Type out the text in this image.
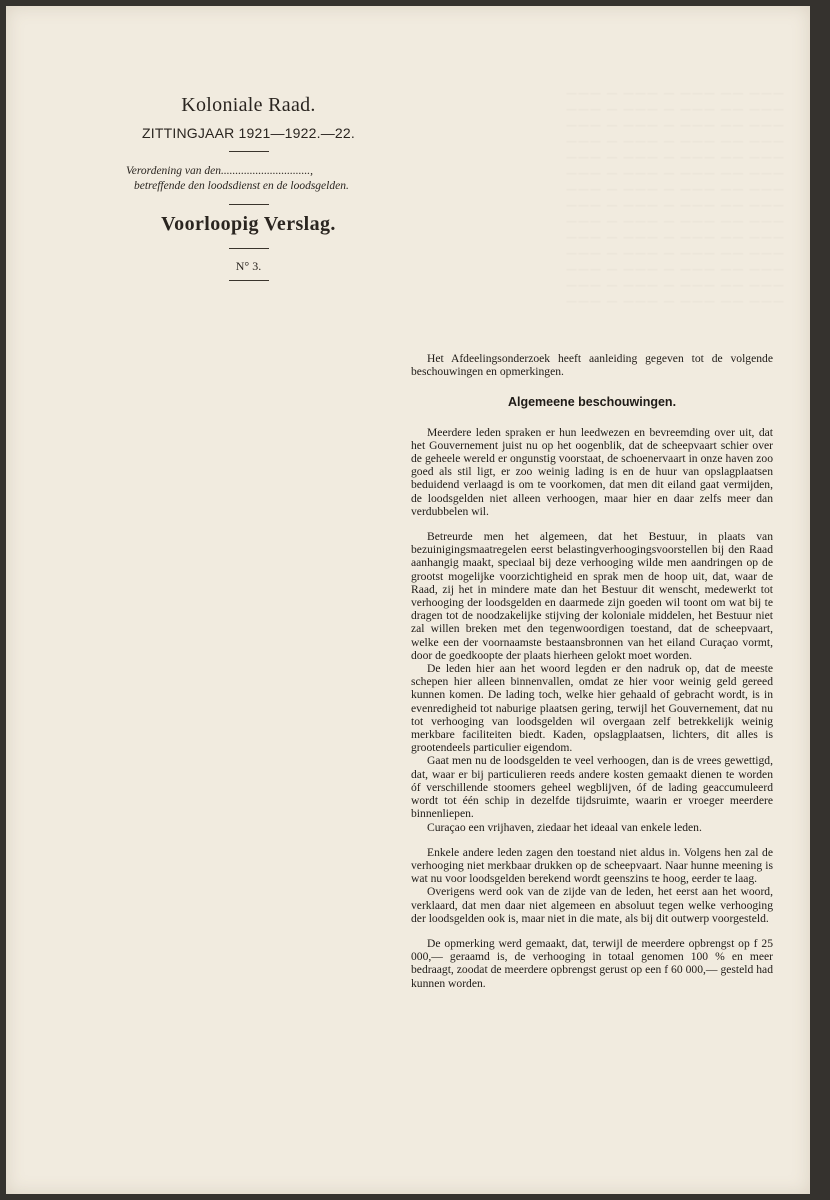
——— — ——— — ——— —— ———
——— — ——— — ——— —— ———
——— — ——— — ——— —— ———
——— — ——— — ——— —— ———
——— — ——— — ——— —— ———
——— — ——— — ——— —— ———
——— — ——— — ——— —— ———
——— — ——— — ——— —— ———
——— — ——— — ——— —— ———
——— — ——— — ——— —— ———
——— — ——— — ——— —— ———
——— — ——— — ——— —— ———
——— — ——— — ——— —— ———
——— — ——— — ——— —— ———
Koloniale Raad.
ZITTINGJAAR 1921—1922.—22.
Verordening van den...............................,
betreffende den loodsdienst en de loodsgelden.
Voorloopig Verslag.
N° 3.

Het Afdeelingsonderzoek heeft aanleiding gegeven tot de volgende beschouwingen en opmerkingen.

Algemeene beschouwingen.

Meerdere leden spraken er hun leedwezen en bevreemding over uit, dat het Gouvernement juist nu op het oogenblik, dat de scheepvaart schier over de geheele wereld er ongunstig voorstaat, de schoenervaart in onze haven zoo goed als stil ligt, er zoo weinig lading is en de huur van opslagplaatsen beduidend verlaagd is om te voorkomen, dat men dit eiland gaat vermijden, de loodsgelden niet alleen verhoogen, maar hier en daar zelfs meer dan verdubbelen wil.

Betreurde men het algemeen, dat het Bestuur, in plaats van bezuinigingsmaatregelen eerst belastingverhoogingsvoorstellen bij den Raad aanhangig maakt, speciaal bij deze verhooging wilde men aandringen op de grootst mogelijke voorzichtigheid en sprak men de hoop uit, dat, waar de Raad, zij het in mindere mate dan het Bestuur dit wenscht, medewerkt tot verhooging der loodsgelden en daarmede zijn goeden wil toont om wat bij te dragen tot de noodzakelijke stijving der koloniale middelen, het Bestuur niet zal willen breken met den tegenwoordigen toestand, dat de scheepvaart, welke een der voornaamste bestaansbronnen van het eiland Curaçao vormt, door de goedkoopte der plaats hierheen gelokt moet worden.

De leden hier aan het woord legden er den nadruk op, dat de meeste schepen hier alleen binnenvallen, omdat ze hier voor weinig geld gereed kunnen komen. De lading toch, welke hier gehaald of gebracht wordt, is in evenredigheid tot naburige plaatsen gering, terwijl het Gouvernement, dat nu tot verhooging van loodsgelden wil overgaan zelf betrekkelijk weinig merkbare faciliteiten biedt. Kaden, opslagplaatsen, lichters, dit alles is grootendeels particulier eigendom.

Gaat men nu de loodsgelden te veel verhoogen, dan is de vrees gewettigd, dat, waar er bij particulieren reeds andere kosten gemaakt dienen te worden óf verschillende stoomers geheel wegblijven, óf de lading geaccumuleerd wordt tot één schip in dezelfde tijdsruimte, waarin er vroeger meerdere binnenliepen.

Curaçao een vrijhaven, ziedaar het ideaal van enkele leden.

Enkele andere leden zagen den toestand niet aldus in. Volgens hen zal de verhooging niet merkbaar drukken op de scheepvaart. Naar hunne meening is wat nu voor loodsgelden berekend wordt geenszins te hoog, eerder te laag.

Overigens werd ook van de zijde van de leden, het eerst aan het woord, verklaard, dat men daar niet algemeen en absoluut tegen welke verhooging der loodsgelden ook is, maar niet in die mate, als bij dit outwerp voorgesteld.

De opmerking werd gemaakt, dat, terwijl de meerdere opbrengst op f 25 000,— geraamd is, de verhooging in totaal genomen 100 % en meer bedraagt, zoodat de meerdere opbrengst gerust op een f 60 000,— gesteld had kunnen worden.
